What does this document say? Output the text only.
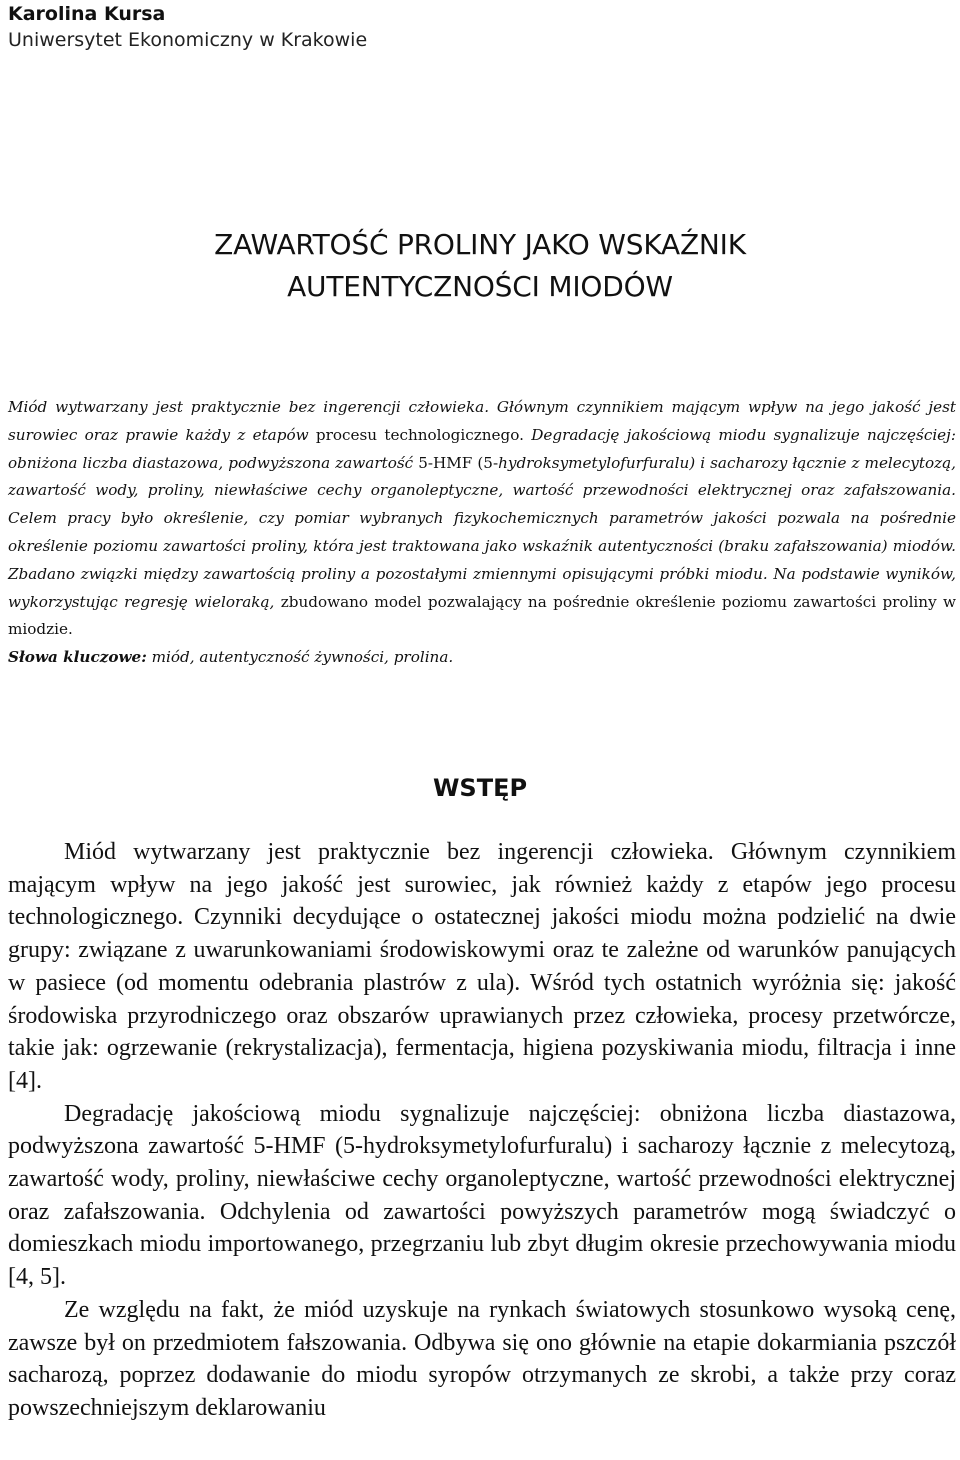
Karolina Kursa
Uniwersytet Ekonomiczny w Krakowie
ZAWARTOŚĆ PROLINY JAKO WSKAŹNIK
AUTENTYCZNOŚCI MIODÓW

Miód wytwarzany jest praktycznie bez ingerencji człowieka. Głównym czynnikiem mającym wpływ na jego jakość jest surowiec oraz prawie każdy z etapów procesu technologicznego. Degradację jakościową miodu sygnalizuje najczęściej: obniżona liczba diastazowa, podwyższona zawartość 5-HMF (5-hydroksymetylofurfuralu) i sacharozy łącznie z melecytozą, zawartość wody, proliny, niewłaściwe cechy organoleptyczne, wartość przewodności elektrycznej oraz zafałszowania. Celem pracy było określenie, czy pomiar wybranych fizykochemicznych parametrów jakości pozwala na pośrednie określenie poziomu zawartości proliny, która jest traktowana jako wskaźnik autentyczności (braku zafałszowania) miodów. Zbadano związki między zawartością proliny a pozostałymi zmiennymi opisującymi próbki miodu. Na podstawie wyników, wykorzystując regresję wieloraką, zbudowano model pozwalający na pośrednie określenie poziomu zawartości proliny w miodzie.

Słowa kluczowe: miód, autentyczność żywności, prolina.

WSTĘP

Miód wytwarzany jest praktycznie bez ingerencji człowieka. Głównym czynnikiem mającym wpływ na jego jakość jest surowiec, jak również każdy z etapów jego procesu technologicznego. Czynniki decydujące o ostatecznej jakości miodu można podzielić na dwie grupy: związane z uwarunkowaniami środowiskowymi oraz te zależne od warunków panujących w pasiece (od momentu odebrania plastrów z ula). Wśród tych ostatnich wyróżnia się: jakość środowiska przyrodniczego oraz obszarów uprawianych przez człowieka, procesy przetwórcze, takie jak: ogrzewanie (rekrystalizacja), fermentacja, higiena pozyskiwania miodu, filtracja i inne [4].

Degradację jakościową miodu sygnalizuje najczęściej: obniżona liczba diastazowa, podwyższona zawartość 5-HMF (5-hydroksymetylofurfuralu) i sacharozy łącznie z melecytozą, zawartość wody, proliny, niewłaściwe cechy organoleptyczne, wartość przewodności elektrycznej oraz zafałszowania. Odchylenia od zawartości powyższych parametrów mogą świadczyć o domieszkach miodu importowanego, przegrzaniu lub zbyt długim okresie przechowywania miodu [4, 5].

Ze względu na fakt, że miód uzyskuje na rynkach światowych stosunkowo wysoką cenę, zawsze był on przedmiotem fałszowania. Odbywa się ono głównie na etapie dokarmiania pszczół sacharozą, poprzez dodawanie do miodu syropów otrzymanych ze skrobi, a także przy coraz powszechniejszym deklarowaniu
